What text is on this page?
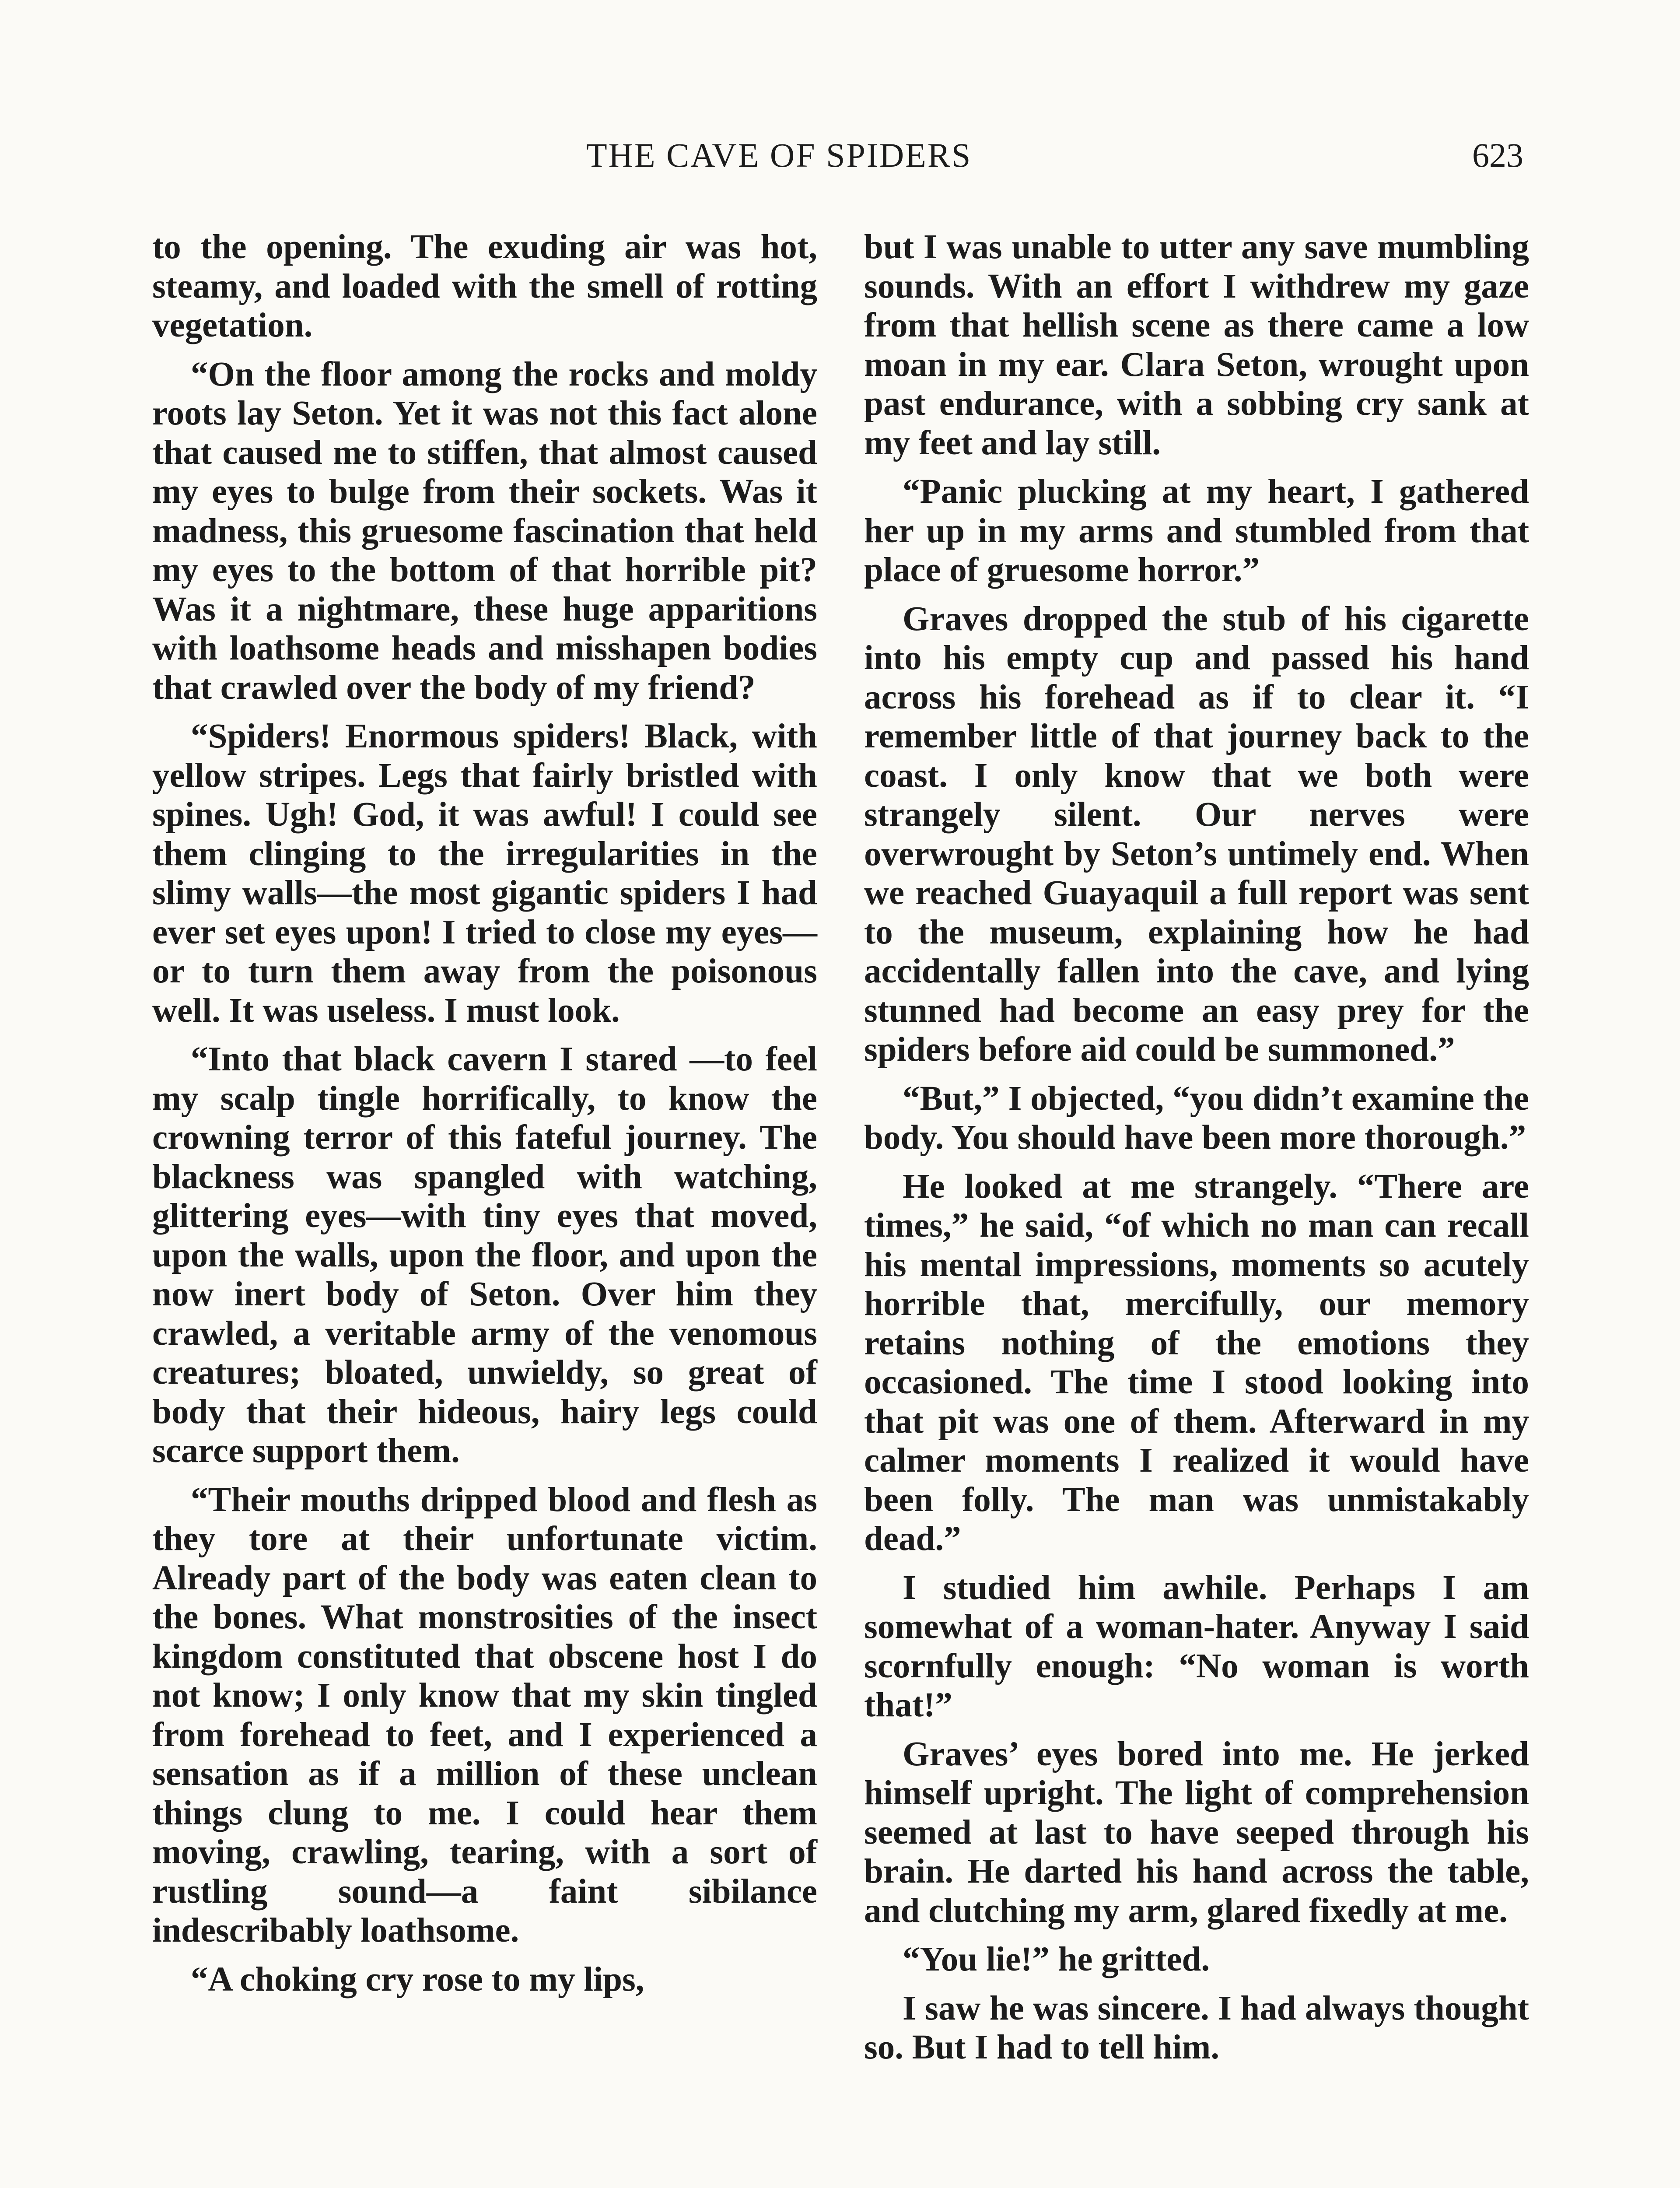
THE CAVE OF SPIDERS	623

to the opening. The exuding air was hot, steamy, and loaded with the smell of rotting vegetation.

“On the floor among the rocks and moldy roots lay Seton. Yet it was not this fact alone that caused me to stiffen, that almost caused my eyes to bulge from their sockets. Was it madness, this gruesome fascination that held my eyes to the bottom of that horrible pit? Was it a nightmare, these huge apparitions with loathsome heads and misshapen bodies that crawled over the body of my friend?

“Spiders! Enormous spiders! Black, with yellow stripes. Legs that fairly bristled with spines. Ugh! God, it was awful! I could see them clinging to the irregularities in the slimy walls—the most gigantic spiders I had ever set eyes upon! I tried to close my eyes—or to turn them away from the poisonous well. It was useless. I must look.

“Into that black cavern I stared —to feel my scalp tingle horrifically, to know the crowning terror of this fateful journey. The blackness was spangled with watching, glittering eyes—with tiny eyes that moved, upon the walls, upon the floor, and upon the now inert body of Seton. Over him they crawled, a veritable army of the venomous creatures; bloated, unwieldy, so great of body that their hideous, hairy legs could scarce support them.

“Their mouths dripped blood and flesh as they tore at their unfortunate victim. Already part of the body was eaten clean to the bones. What monstrosities of the insect kingdom constituted that obscene host I do not know; I only know that my skin tingled from forehead to feet, and I experienced a sensation as if a million of these unclean things clung to me. I could hear them moving, crawling, tearing, with a sort of rustling sound—a faint sibilance indescribably loathsome.

“A choking cry rose to my lips,

but I was unable to utter any save mumbling sounds. With an effort I withdrew my gaze from that hellish scene as there came a low moan in my ear. Clara Seton, wrought upon past endurance, with a sobbing cry sank at my feet and lay still.

“Panic plucking at my heart, I gathered her up in my arms and stumbled from that place of gruesome horror.”

Graves dropped the stub of his cigarette into his empty cup and passed his hand across his forehead as if to clear it. “I remember little of that journey back to the coast. I only know that we both were strangely silent. Our nerves were overwrought by Seton’s untimely end. When we reached Guayaquil a full report was sent to the museum, explaining how he had accidentally fallen into the cave, and lying stunned had become an easy prey for the spiders before aid could be summoned.”

“But,” I objected, “you didn’t examine the body. You should have been more thorough.”

He looked at me strangely. “There are times,” he said, “of which no man can recall his mental impressions, moments so acutely horrible that, mercifully, our memory retains nothing of the emotions they occasioned. The time I stood looking into that pit was one of them. Afterward in my calmer moments I realized it would have been folly. The man was unmistakably dead.”

I studied him awhile. Perhaps I am somewhat of a woman-hater. Anyway I said scornfully enough: “No woman is worth that!”

Graves’ eyes bored into me. He jerked himself upright. The light of comprehension seemed at last to have seeped through his brain. He darted his hand across the table, and clutching my arm, glared fixedly at me.

“You lie!” he gritted.

I saw he was sincere. I had always thought so. But I had to tell him.
